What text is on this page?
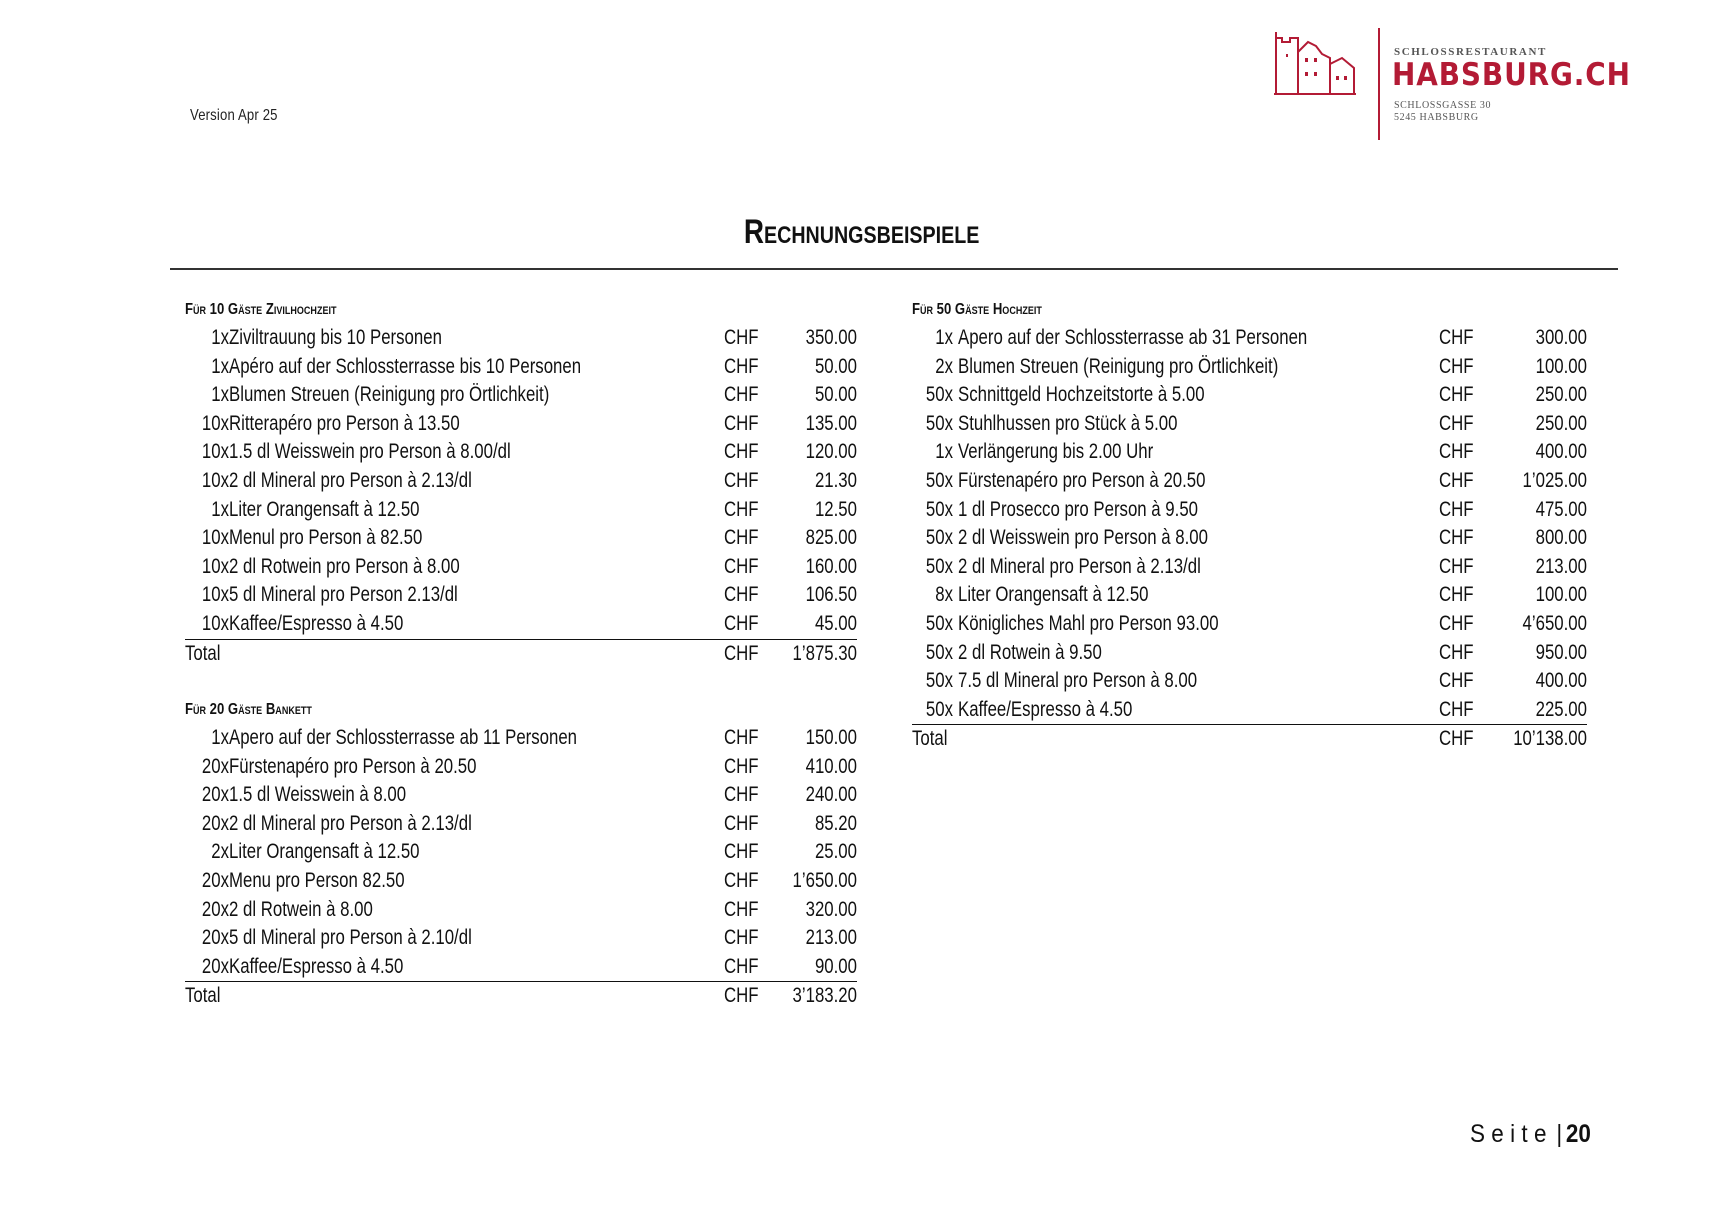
Version Apr 25
SCHLOSSRESTAURANT
HABSBURG.CH
SCHLOSSGASSE 30
5245 HABSBURG
Rechnungsbeispiele
Für 10 Gäste Zivilhochzeit
1x Ziviltrauung bis 10 Personen	CHF	350.00
1x Apéro auf der Schlossterrasse bis 10 Personen	CHF	50.00
1x Blumen Streuen (Reinigung pro Örtlichkeit)	CHF	50.00
10x Ritterapéro pro Person à 13.50	CHF	135.00
10x 1.5 dl Weisswein pro Person à 8.00/dl	CHF	120.00
10x 2 dl Mineral pro Person à 2.13/dl	CHF	21.30
1x Liter Orangensaft à 12.50	CHF	12.50
10x Menul pro Person à 82.50	CHF	825.00
10x 2 dl Rotwein pro Person à 8.00	CHF	160.00
10x 5 dl Mineral pro Person 2.13/dl	CHF	106.50
10x Kaffee/Espresso à 4.50	CHF	45.00
Total	CHF	1’875.30
Für 20 Gäste Bankett
1x Apero auf der Schlossterrasse ab 11 Personen	CHF	150.00
20x Fürstenapéro pro Person à 20.50	CHF	410.00
20x 1.5 dl Weisswein à 8.00	CHF	240.00
20x 2 dl Mineral pro Person à 2.13/dl	CHF	85.20
2x Liter Orangensaft à 12.50	CHF	25.00
20x Menu pro Person 82.50	CHF	1’650.00
20x 2 dl Rotwein à 8.00	CHF	320.00
20x 5 dl Mineral pro Person à 2.10/dl	CHF	213.00
20x Kaffee/Espresso à 4.50	CHF	90.00
Total	CHF	3’183.20
Für 50 Gäste Hochzeit
1x Apero auf der Schlossterrasse ab 31 Personen	CHF	300.00
2x Blumen Streuen (Reinigung pro Örtlichkeit)	CHF	100.00
50x Schnittgeld Hochzeitstorte à 5.00	CHF	250.00
50x Stuhlhussen pro Stück à 5.00	CHF	250.00
1x Verlängerung bis 2.00 Uhr	CHF	400.00
50x Fürstenapéro pro Person à 20.50	CHF	1’025.00
50x 1 dl Prosecco pro Person à 9.50	CHF	475.00
50x 2 dl Weisswein pro Person à 8.00	CHF	800.00
50x 2 dl Mineral pro Person à 2.13/dl	CHF	213.00
8x Liter Orangensaft à 12.50	CHF	100.00
50x Königliches Mahl pro Person 93.00	CHF	4’650.00
50x 2 dl Rotwein à 9.50	CHF	950.00
50x 7.5 dl Mineral pro Person à 8.00	CHF	400.00
50x Kaffee/Espresso à 4.50	CHF	225.00
Total	CHF	10’138.00
Seite | 20
